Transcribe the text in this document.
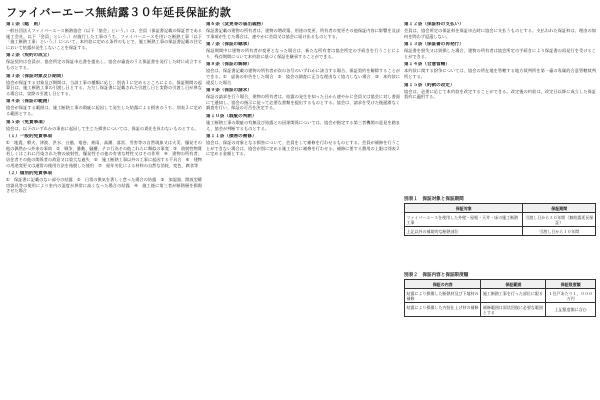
ファイバーエース無結露３０年延長保証約款
第１条（総　則）
一般社団法人ファイバーエース断熱協会（以下「協会」という。）は、会員（保証書記載の保証者である施工会社。以下「会員」という。）が施行した工事のうち、ファイバーエースを用いた断熱工事（以下「施工断熱工事」という。）について、本約款に定める条件のもとで、施工断熱工事の保証書記載の住宅において結露が発生しないことを保証する。
第２条（契約の成立）
保証契約は会員が、協会所定の保証申込書を提出し、協会が審査のうえ保証書を発行した時に成立するものとする。
第３条（保証対象及び期間）
協会が保証する対象及び期間は、当該工事の種類に応じ、別表１に定めるところによる。保証期間の起算日は、施工断熱工事の引渡し日とする。ただし保証書に記載された引渡し日と実際の引渡し日が異なる場合は、実際の引渡し日とする。
第４条（保証の範囲）
協会が保証する範囲は、施工断熱工事の瑕疵に起因して発生した結露による損害のうち、別表２に定める範囲とする。
第５条（免責事項）
協会は、以下のいずれかの事由に起因して生じた損害については、保証の責任を負わないものとする。
（１）一般的免責事項
①　地震、噴火、津波、洪水、台風、竜巻、豪雨、高潮、落雷、雪害等の自然現象又は火災、爆発その他の偶然かつ外来の事故　②　戦争、暴動、騒擾、テロ行為その他これらに類似の事変　③　放射性物質若しくはこれに汚染された物の放射性、爆発性その他の有害な特性又はその作用　④　建物の所有者、居住者その他の関係者の故意又は重大な過失　⑤　施工断熱工事以外の工事に起因する不具合　⑥　建物の用途変更又は通常の使用方法を逸脱した使用　⑦　経年劣化による材料の自然な消耗、変色、腐食等
（２）個別的免責事項
①　保証書に記載のない部分の結露　②　日常の換気を著しく怠った場合の結露　③　加湿器、開放型暖房器具等の使用により室内の湿度が異常に高くなった場合の結露　④　施工後に第三者が断熱層を損傷させた場合
第６条（変更等の届出義務）
保証書記載の建物の所有者は、建物の増改築、用途の変更、所有者の変更その他保証内容に影響を及ぼす事項が生じた場合は、速やかに会員又は協会に届け出るものとする。
第７条（保証の継承）
保証期間中に建物の所有者が変更となった場合は、新たな所有者は協会所定の手続きを行うことにより、残存期間について本約款に基づく保証を継承することができる。
第８条（保証の解除）
協会は、保証書記載の建物の所有者が次の各号のいずれかに該当する場合、保証契約を解除することができる。①　虚偽の申告をした場合　②　協会の調査に正当な理由なく協力しない場合　③　本約款に違反した場合
第９条（保証の請求）
保証の請求を行う場合、建物の所有者は、結露の発生を知った日から速やかに会員又は協会に対し書面にて通知し、協会の指示に従って必要な書類を提出するものとする。協会は、請求を受けた後遅滞なく調査を行い、保証の可否を決定する。
第１０条（瑕疵の判断）
施工断熱工事の瑕疵の有無及び結露との因果関係については、協会が指定する第三者機関の意見を踏まえ、協会が判断するものとする。
第１１条（損害の補修）
協会は、保証の対象となる損害について、会員をして補修を行わせるものとする。会員が補修を行うことができない場合は、協会が別に定める施工会社に補修を行わせる。補修に要する費用の上限は別表２に定める金額とする。
第１２条（保証料の支払い）
会員は、協会所定の保証料を保証申込時に協会に支払うものとする。支払われた保証料は、理由の如何を問わず返還しない。
第１３条（保証書の再発行）
保証書を紛失又は毀損した場合、建物の所有者は協会所定の手続きにより保証書の再発行を受けることができる。
第１４条（合意管轄）
本約款に関する紛争については、協会の所在地を管轄する地方裁判所を第一審の専属的合意管轄裁判所とする。
第１５条（約款の改定）
協会は、必要に応じて本約款を改定することができる。改定後の約款は、改定日以降に成立した保証契約に適用する。
別表１　保証対象と保証期間
保証対象	保証期間
ファイバーエースを使用した外壁・屋根・天井・床の施工断熱工事	引渡し日から３０年間（無結露延長保証）
上記以外の補助的な断熱部位	引渡し日から１０年間
別表２　保証内容と保証限度額
保証の内容	保証範囲	保証限度額
結露により損傷した断熱材及び下地材の補修	施工断熱工事を行った部位に限る	１住戸あたり１，０００万円
結露により損傷した内装仕上げ材の補修	補修範囲は原状回復に必要な範囲とする	上記限度額に含む
